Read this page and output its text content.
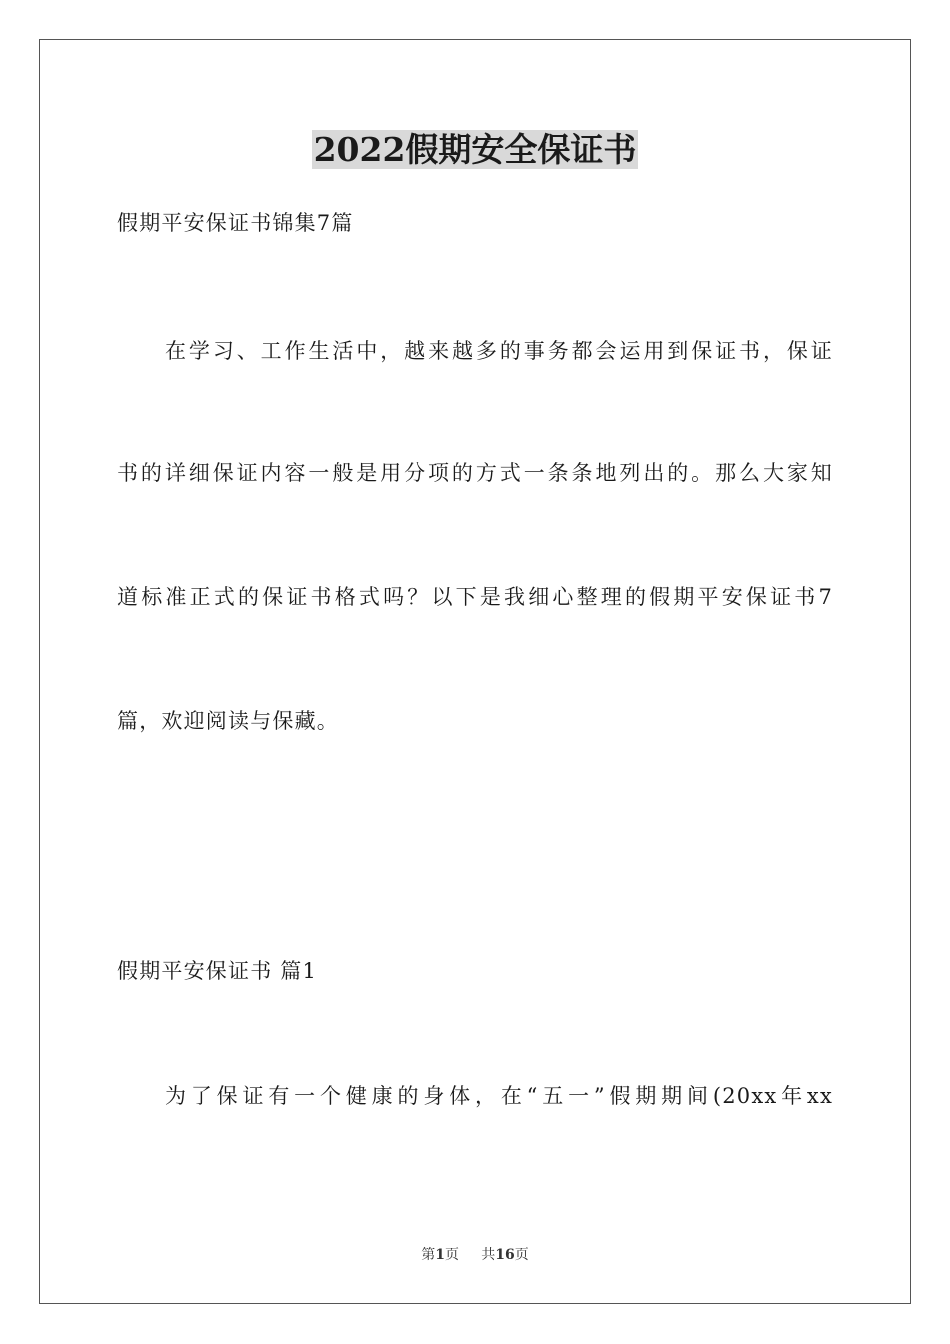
2022假期安全保证书
假期平安保证书锦集7篇
在学习、工作生活中，越来越多的事务都会运用到保证书，保证
书的详细保证内容一般是用分项的方式一条条地列出的。那么大家知
道标准正式的保证书格式吗？以下是我细心整理的假期平安保证书7
篇，欢迎阅读与保藏。
假期平安保证书 篇1
为了保证有一个健康的身体，在“五一”假期期间(20xx年xx
第1页 共16页
